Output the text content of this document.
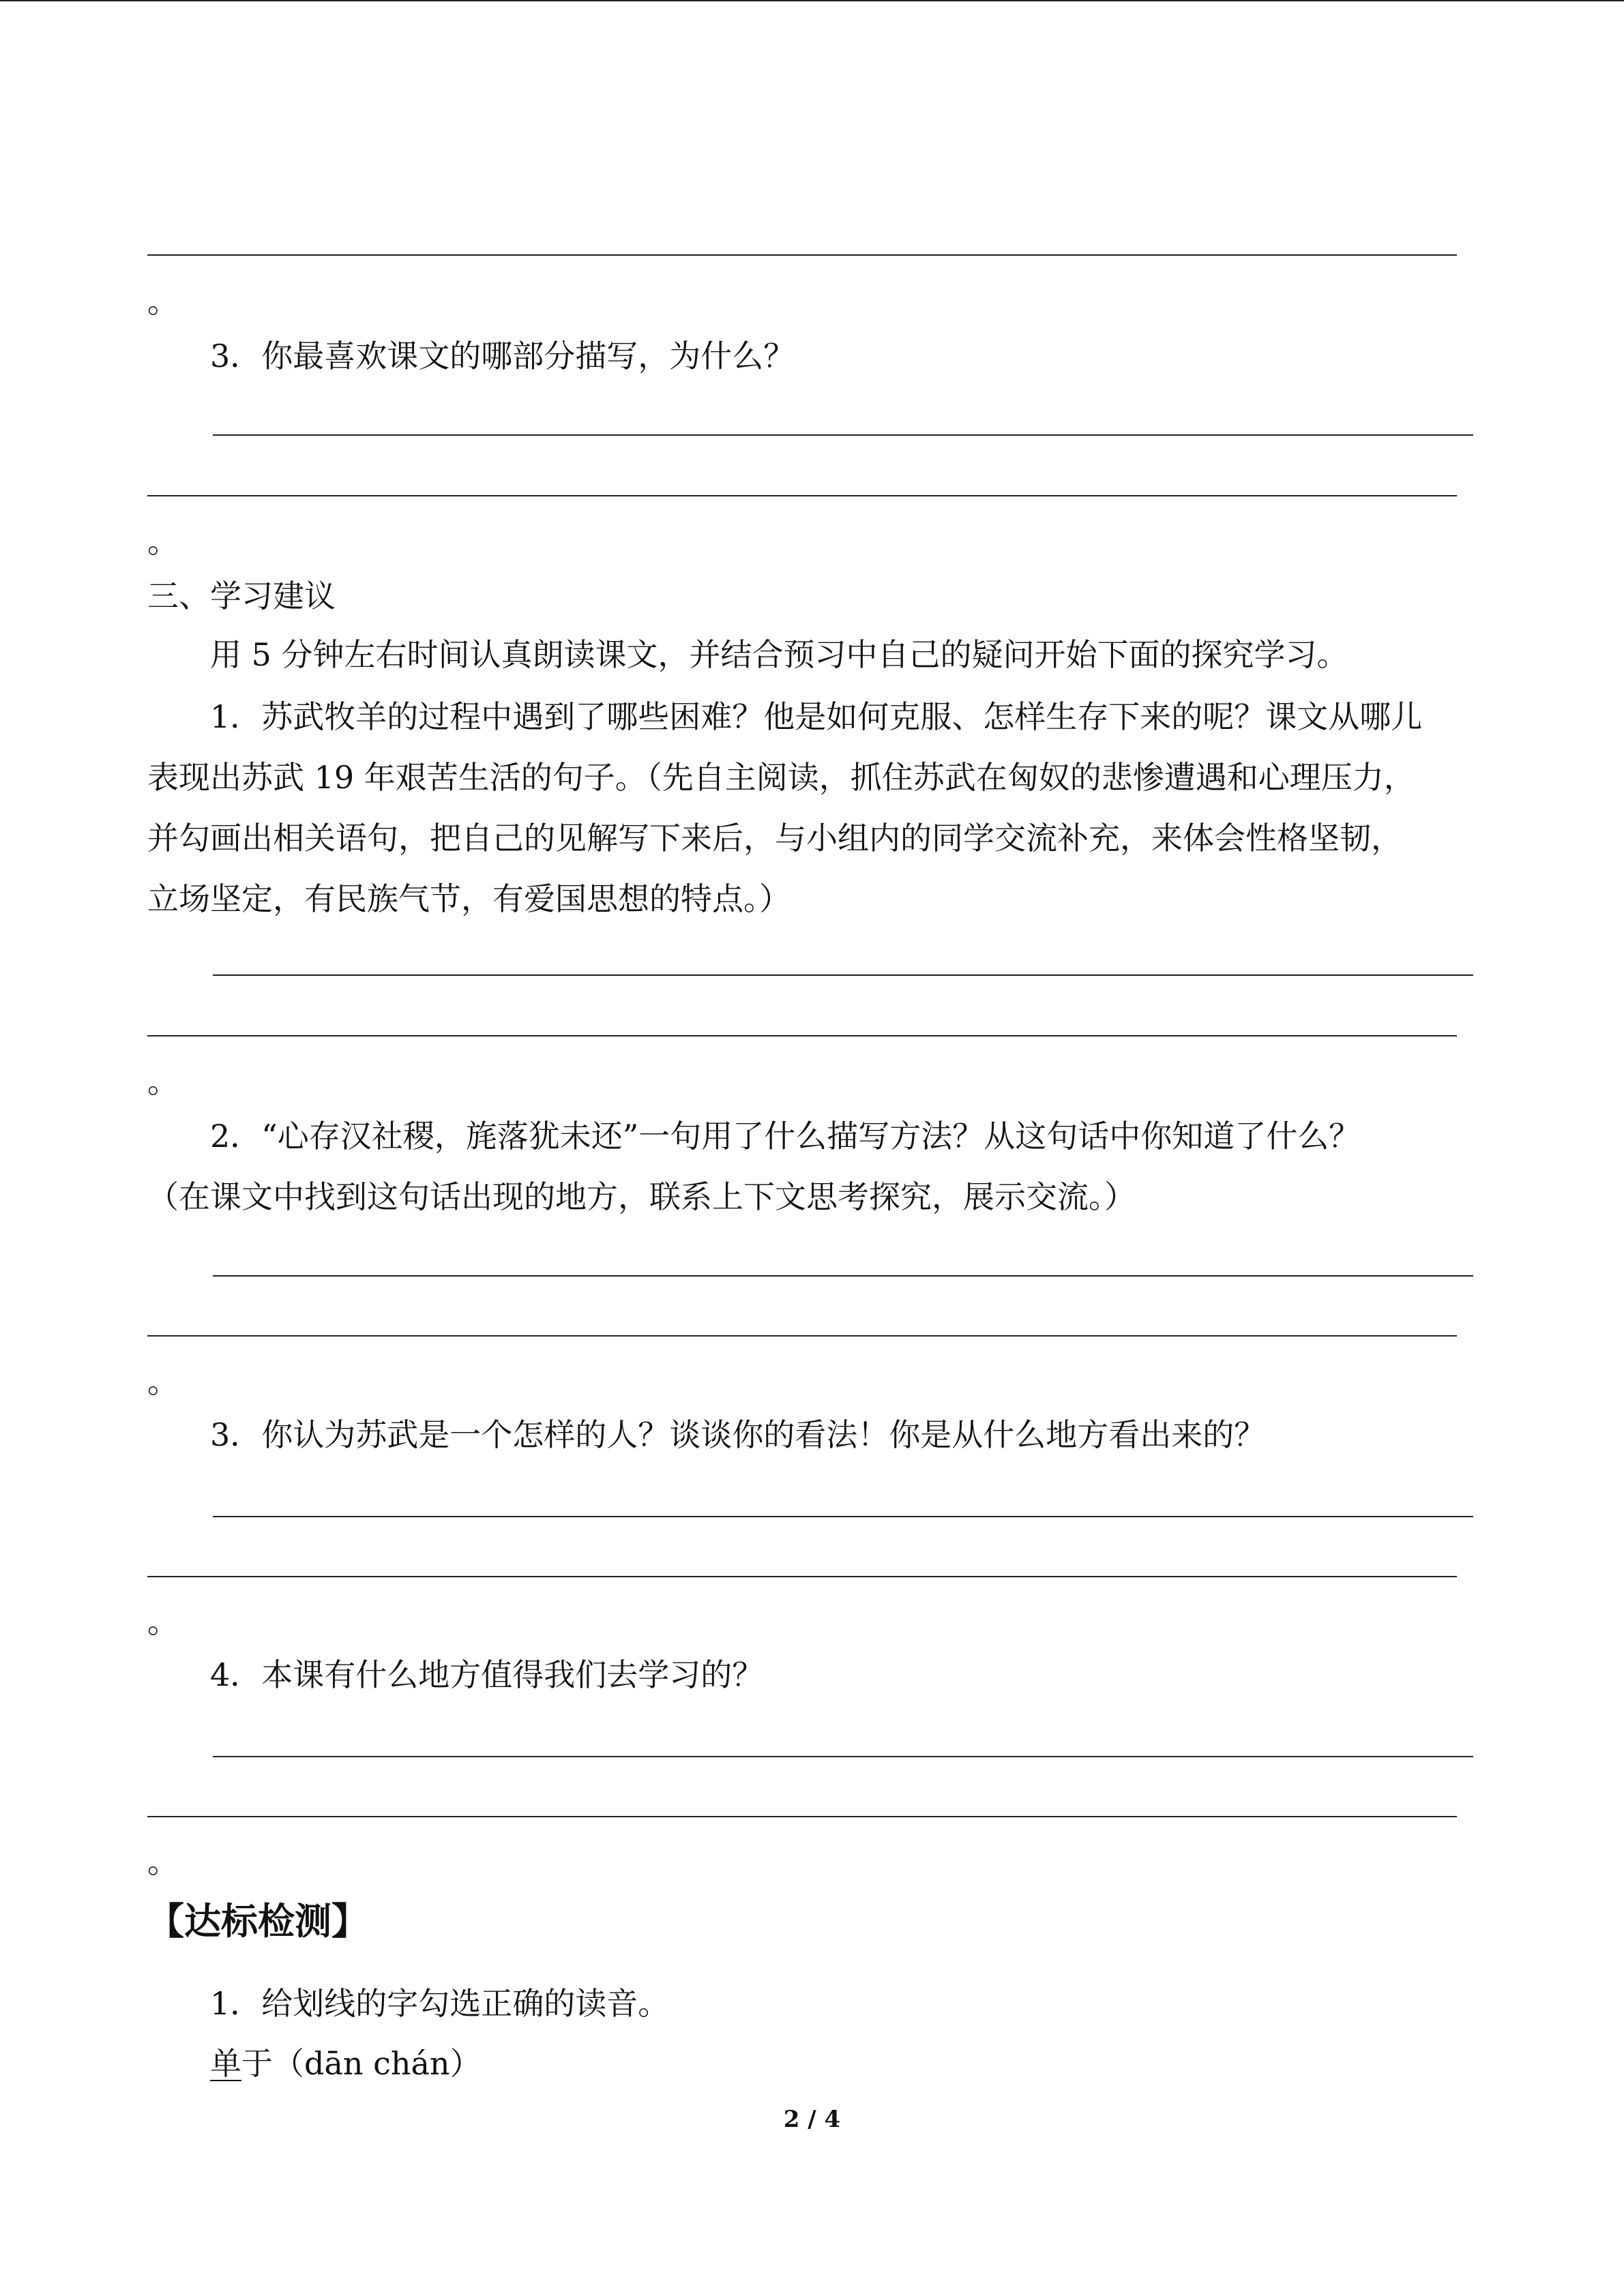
。
3．你最喜欢课文的哪部分描写，为什么？
。
三、学习建议
用 5 分钟左右时间认真朗读课文，并结合预习中自己的疑问开始下面的探究学习。
1．苏武牧羊的过程中遇到了哪些困难？他是如何克服、怎样生存下来的呢？课文从哪儿
表现出苏武 19 年艰苦生活的句子。（先自主阅读，抓住苏武在匈奴的悲惨遭遇和心理压力，
并勾画出相关语句，把自己的见解写下来后，与小组内的同学交流补充，来体会性格坚韧，
立场坚定，有民族气节，有爱国思想的特点。）
。
2．“心存汉社稷，旄落犹未还”一句用了什么描写方法？从这句话中你知道了什么？
（在课文中找到这句话出现的地方，联系上下文思考探究，展示交流。）
。
3．你认为苏武是一个怎样的人？谈谈你的看法！你是从什么地方看出来的？
。
4．本课有什么地方值得我们去学习的？
。
【达标检测】
1．给划线的字勾选正确的读音。
单于（dān chán）
2 / 4
